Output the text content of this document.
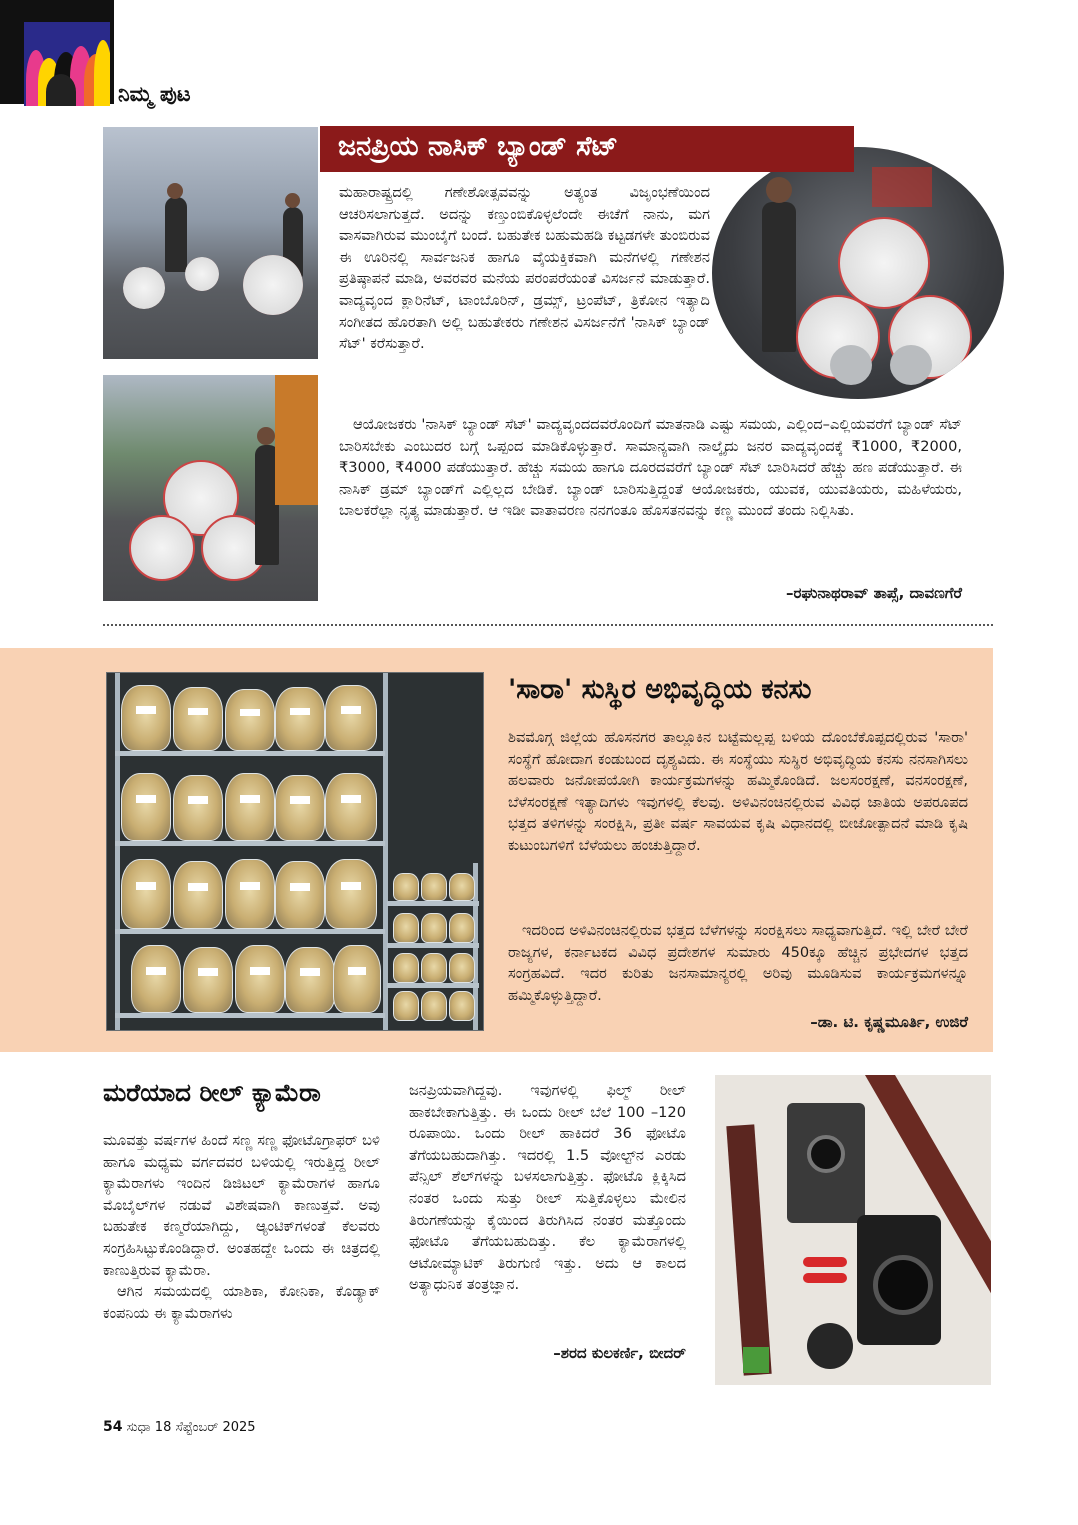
ನಿಮ್ಮ ಪುಟ
ಜನಪ್ರಿಯ ನಾಸಿಕ್ ಬ್ಯಾಂಡ್ ಸೆಟ್
ಮಹಾರಾಷ್ಟ್ರದಲ್ಲಿ ಗಣೇಶೋತ್ಸವವನ್ನು ಅತ್ಯಂತ ವಿಜೃಂಭಣೆಯಿಂದ ಆಚರಿಸಲಾಗುತ್ತದೆ. ಅದನ್ನು ಕಣ್ತುಂಬಿಕೊಳ್ಳಲೆಂದೇ ಈಚೆಗೆ ನಾನು, ಮಗ ವಾಸವಾಗಿರುವ ಮುಂಬೈಗೆ ಬಂದೆ. ಬಹುತೇಕ ಬಹುಮಹಡಿ ಕಟ್ಟಡಗಳೇ ತುಂಬಿರುವ ಈ ಊರಿನಲ್ಲಿ ಸಾರ್ವಜನಿಕ ಹಾಗೂ ವೈಯಕ್ತಿಕವಾಗಿ ಮನೆಗಳಲ್ಲಿ ಗಣೇಶನ ಪ್ರತಿಷ್ಠಾಪನೆ ಮಾಡಿ, ಅವರವರ ಮನೆಯ ಪರಂಪರೆಯಂತೆ ವಿಸರ್ಜನೆ ಮಾಡುತ್ತಾರೆ. ವಾದ್ಯವೃಂದ ಕ್ಲಾರಿನೆಟ್, ಟಾಂಬೊರಿನ್, ಡ್ರಮ್ಸ್, ಟ್ರಂಪೆಟ್, ತ್ರಿಕೋನ ಇತ್ಯಾದಿ ಸಂಗೀತದ ಹೊರತಾಗಿ ಅಲ್ಲಿ ಬಹುತೇಕರು ಗಣೇಶನ ವಿಸರ್ಜನೆಗೆ 'ನಾಸಿಕ್ ಬ್ಯಾಂಡ್ ಸೆಟ್' ಕರೆಸುತ್ತಾರೆ.
ಆಯೋಜಕರು 'ನಾಸಿಕ್ ಬ್ಯಾಂಡ್ ಸೆಟ್' ವಾದ್ಯವೃಂದದವರೊಂದಿಗೆ ಮಾತನಾಡಿ ಎಷ್ಟು ಸಮಯ, ಎಲ್ಲಿಂದ–ಎಲ್ಲಿಯವರೆಗೆ ಬ್ಯಾಂಡ್ ಸೆಟ್ ಬಾರಿಸಬೇಕು ಎಂಬುದರ ಬಗ್ಗೆ ಒಪ್ಪಂದ ಮಾಡಿಕೊಳ್ಳುತ್ತಾರೆ. ಸಾಮಾನ್ಯವಾಗಿ ನಾಲ್ಕೈದು ಜನರ ವಾದ್ಯವೃಂದಕ್ಕೆ ₹1000, ₹2000, ₹3000, ₹4000 ಪಡೆಯುತ್ತಾರೆ. ಹೆಚ್ಚು ಸಮಯ ಹಾಗೂ ದೂರದವರೆಗೆ ಬ್ಯಾಂಡ್ ಸೆಟ್ ಬಾರಿಸಿದರೆ ಹೆಚ್ಚು ಹಣ ಪಡೆಯುತ್ತಾರೆ. ಈ ನಾಸಿಕ್ ಡ್ರಮ್ ಬ್ಯಾಂಡ್‌ಗೆ ಎಲ್ಲಿಲ್ಲದ ಬೇಡಿಕೆ. ಬ್ಯಾಂಡ್ ಬಾರಿಸುತ್ತಿದ್ದಂತೆ ಆಯೋಜಕರು, ಯುವಕ, ಯುವತಿಯರು, ಮಹಿಳೆಯರು, ಬಾಲಕರೆಲ್ಲಾ ನೃತ್ಯ ಮಾಡುತ್ತಾರೆ. ಆ ಇಡೀ ವಾತಾವರಣ ನನಗಂತೂ ಹೊಸತನವನ್ನು ಕಣ್ಣ ಮುಂದೆ ತಂದು ನಿಲ್ಲಿಸಿತು.
–ರಘುನಾಥರಾವ್ ತಾಪ್ಸೆ, ದಾವಣಗೆರೆ
'ಸಾರಾ' ಸುಸ್ಥಿರ ಅಭಿವೃದ್ಧಿಯ ಕನಸು
ಶಿವಮೊಗ್ಗ ಜಿಲ್ಲೆಯ ಹೊಸನಗರ ತಾಲ್ಲೂಕಿನ ಬಟ್ಟೆಮಲ್ಲಪ್ಪ ಬಳಿಯ ದೊಂಬೆಕೊಪ್ಪದಲ್ಲಿರುವ 'ಸಾರಾ' ಸಂಸ್ಥೆಗೆ ಹೋದಾಗ ಕಂಡುಬಂದ ದೃಶ್ಯವಿದು. ಈ ಸಂಸ್ಥೆಯು ಸುಸ್ಥಿರ ಅಭಿವೃದ್ಧಿಯ ಕನಸು ನನಸಾಗಿಸಲು ಹಲವಾರು ಜನೋಪಯೋಗಿ ಕಾರ್ಯಕ್ರಮಗಳನ್ನು ಹಮ್ಮಿಕೊಂಡಿದೆ. ಜಲಸಂರಕ್ಷಣೆ, ವನಸಂರಕ್ಷಣೆ, ಬೆಳೆಸಂರಕ್ಷಣೆ ಇತ್ಯಾದಿಗಳು ಇವುಗಳಲ್ಲಿ ಕೆಲವು. ಅಳಿವಿನಂಚಿನಲ್ಲಿರುವ ವಿವಿಧ ಜಾತಿಯ ಅಪರೂಪದ ಭತ್ತದ ತಳಿಗಳನ್ನು ಸಂರಕ್ಷಿಸಿ, ಪ್ರತೀ ವರ್ಷ ಸಾವಯವ ಕೃಷಿ ವಿಧಾನದಲ್ಲಿ ಬೀಜೋತ್ಪಾದನೆ ಮಾಡಿ ಕೃಷಿ ಕುಟುಂಬಗಳಿಗೆ ಬೆಳೆಯಲು ಹಂಚುತ್ತಿದ್ದಾರೆ.
ಇದರಿಂದ ಅಳಿವಿನಂಚಿನಲ್ಲಿರುವ ಭತ್ತದ ಬೆಳೆಗಳನ್ನು ಸಂರಕ್ಷಿಸಲು ಸಾಧ್ಯವಾಗುತ್ತಿದೆ. ಇಲ್ಲಿ ಬೇರೆ ಬೇರೆ ರಾಜ್ಯಗಳ, ಕರ್ನಾಟಕದ ವಿವಿಧ ಪ್ರದೇಶಗಳ ಸುಮಾರು 450ಕ್ಕೂ ಹೆಚ್ಚಿನ ಪ್ರಭೇದಗಳ ಭತ್ತದ ಸಂಗ್ರಹವಿದೆ. ಇದರ ಕುರಿತು ಜನಸಾಮಾನ್ಯರಲ್ಲಿ ಅರಿವು ಮೂಡಿಸುವ ಕಾರ್ಯಕ್ರಮಗಳನ್ನೂ ಹಮ್ಮಿಕೊಳ್ಳುತ್ತಿದ್ದಾರೆ.
–ಡಾ. ಟಿ. ಕೃಷ್ಣಮೂರ್ತಿ, ಉಜಿರೆ
ಮರೆಯಾದ ರೀಲ್ ಕ್ಯಾಮೆರಾ
ಮೂವತ್ತು ವರ್ಷಗಳ ಹಿಂದೆ ಸಣ್ಣ ಸಣ್ಣ ಫೋಟೊಗ್ರಾಫರ್ ಬಳಿ ಹಾಗೂ ಮಧ್ಯಮ ವರ್ಗದವರ ಬಳಿಯಲ್ಲಿ ಇರುತ್ತಿದ್ದ ರೀಲ್ ಕ್ಯಾಮೆರಾಗಳು ಇಂದಿನ ಡಿಜಿಟಲ್ ಕ್ಯಾಮೆರಾಗಳ ಹಾಗೂ ಮೊಬೈಲ್‌ಗಳ ನಡುವೆ ವಿಶೇಷವಾಗಿ ಕಾಣುತ್ತವೆ. ಅವು ಬಹುತೇಕ ಕಣ್ಮರೆಯಾಗಿದ್ದು, ಆ್ಯಂಟಿಕ್‌ಗಳಂತೆ ಕೆಲವರು ಸಂಗ್ರಹಿಸಿಟ್ಟುಕೊಂಡಿದ್ದಾರೆ. ಅಂತಹದ್ದೇ ಒಂದು ಈ ಚಿತ್ರದಲ್ಲಿ ಕಾಣುತ್ತಿರುವ ಕ್ಯಾಮೆರಾ.
ಆಗಿನ ಸಮಯದಲ್ಲಿ ಯಾಶಿಕಾ, ಕೋನಿಕಾ, ಕೊಡ್ಯಾಕ್ ಕಂಪನಿಯ ಈ ಕ್ಯಾಮೆರಾಗಳು
ಜನಪ್ರಿಯವಾಗಿದ್ದವು. ಇವುಗಳಲ್ಲಿ ಫಿಲ್ಮ್ ರೀಲ್ ಹಾಕಬೇಕಾಗುತ್ತಿತ್ತು. ಈ ಒಂದು ರೀಲ್ ಬೆಲೆ 100 –120 ರೂಪಾಯಿ. ಒಂದು ರೀಲ್ ಹಾಕಿದರೆ 36 ಫೋಟೊ ತೆಗೆಯಬಹುದಾಗಿತ್ತು. ಇದರಲ್ಲಿ 1.5 ವೋಲ್ಟ್‌ನ ಎರಡು ಪೆನ್ಸಿಲ್ ಶೆಲ್‌ಗಳನ್ನು ಬಳಸಲಾಗುತ್ತಿತ್ತು. ಫೋಟೊ ಕ್ಲಿಕ್ಕಿಸಿದ ನಂತರ ಒಂದು ಸುತ್ತು ರೀಲ್ ಸುತ್ತಿಕೊಳ್ಳಲು ಮೇಲಿನ ತಿರುಗಣೆಯನ್ನು ಕೈಯಿಂದ ತಿರುಗಿಸಿದ ನಂತರ ಮತ್ತೊಂದು ಫೋಟೊ ತೆಗೆಯಬಹುದಿತ್ತು. ಕೆಲ ಕ್ಯಾಮೆರಾಗಳಲ್ಲಿ ಆಟೋಮ್ಯಾಟಿಕ್ ತಿರುಗುಣಿ ಇತ್ತು. ಅದು ಆ ಕಾಲದ ಅತ್ಯಾಧುನಿಕ ತಂತ್ರಜ್ಞಾನ.
–ಶರದ ಕುಲಕರ್ಣಿ, ಬೀದರ್
54 ಸುಧಾ 18 ಸೆಪ್ಟೆಂಬರ್ 2025
